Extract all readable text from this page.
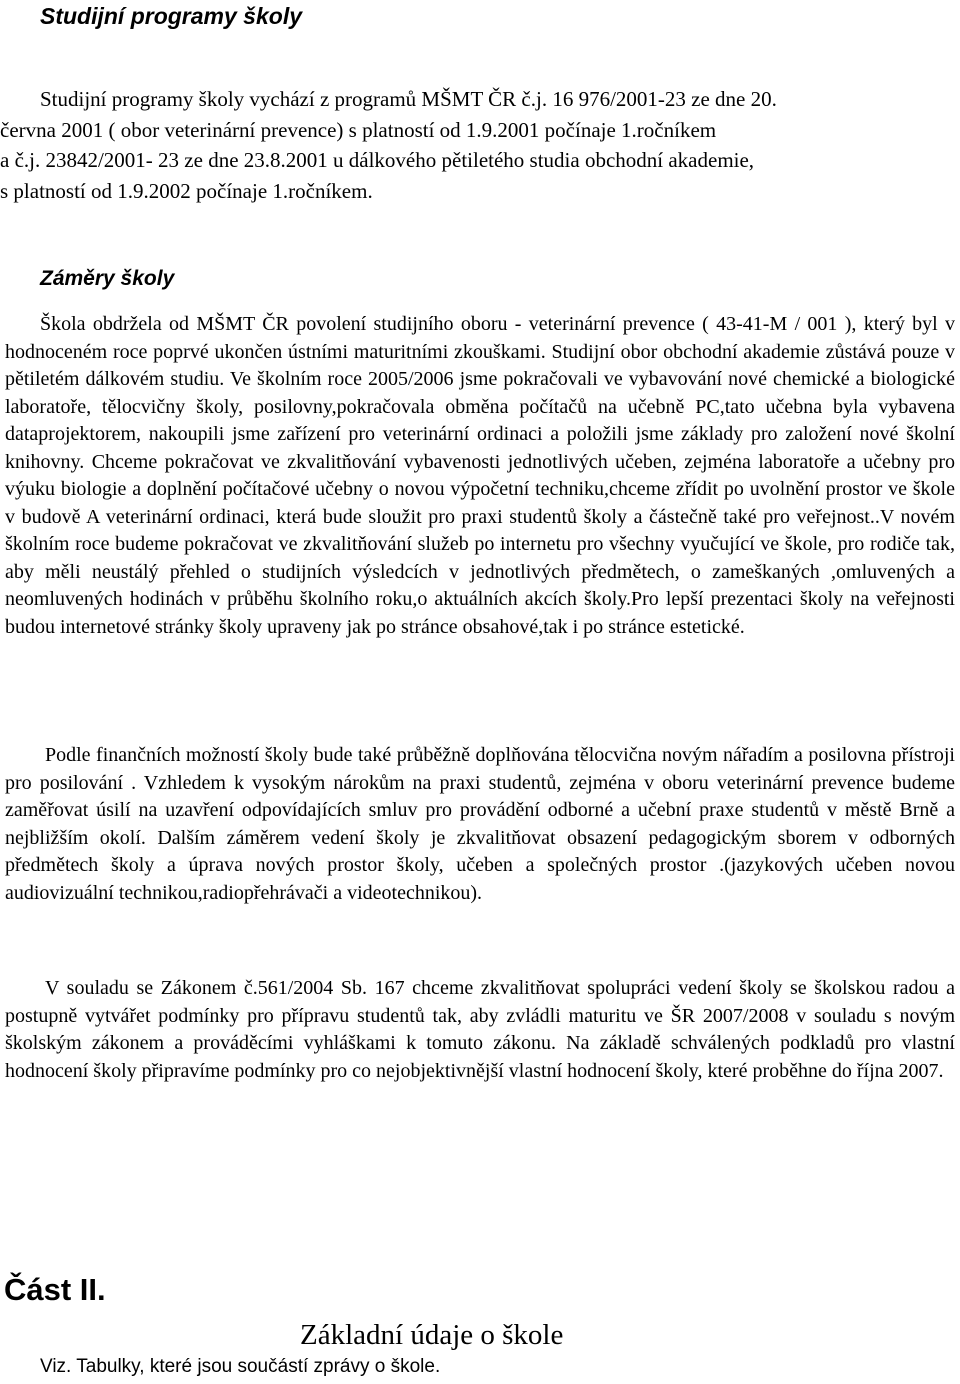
Studijní programy školy
Studijní programy školy vychází z programů MŠMT ČR č.j. 16 976/2001-23 ze dne 20.
června 2001 ( obor veterinární prevence) s platností od 1.9.2001 počínaje 1.ročníkem
a č.j. 23842/2001- 23 ze dne 23.8.2001 u dálkového pětiletého studia obchodní akademie,
s platností od 1.9.2002 počínaje 1.ročníkem.
Záměry školy

Škola obdržela od MŠMT ČR povolení studijního oboru - veterinární prevence ( 43-41-M / 001 ), který byl v hodnoceném roce poprvé ukončen ústními maturitními zkouškami. Studijní obor obchodní akademie zůstává pouze v pětiletém dálkovém studiu. Ve školním roce 2005/2006 jsme pokračovali ve vybavování nové chemické a biologické laboratoře, tělocvičny školy, posilovny,pokračovala obměna počítačů na učebně PC,tato učebna byla vybavena dataprojektorem, nakoupili jsme zařízení pro veterinární ordinaci a položili jsme základy pro založení nové školní knihovny. Chceme pokračovat ve zkvalitňování vybavenosti jednotlivých učeben, zejména laboratoře a učebny pro výuku biologie a doplnění počítačové učebny o novou výpočetní techniku,chceme zřídit po uvolnění prostor ve škole v budově A veterinární ordinaci, která bude sloužit pro praxi studentů školy a částečně také pro veřejnost..V novém školním roce budeme pokračovat ve zkvalitňování služeb po internetu pro všechny vyučující ve škole, pro rodiče tak, aby měli neustálý přehled o studijních výsledcích v jednotlivých předmětech, o zameškaných ,omluvených a neomluvených hodinách v průběhu školního roku,o aktuálních akcích školy.Pro lepší prezentaci školy na veřejnosti budou internetové stránky školy upraveny jak po stránce obsahové,tak i po stránce estetické.

Podle finančních možností školy bude také průběžně doplňována tělocvična novým nářadím a posilovna přístroji pro posilování . Vzhledem k vysokým nárokům na praxi studentů, zejména v oboru veterinární prevence budeme zaměřovat úsilí na uzavření odpovídajících smluv pro provádění odborné a učební praxe studentů v městě Brně a nejbližším okolí. Dalším záměrem vedení školy je zkvalitňovat obsazení pedagogickým sborem v odborných předmětech školy a úprava nových prostor školy, učeben a společných prostor .(jazykových učeben novou audiovizuální technikou,radiopřehrávači a videotechnikou).

V souladu se Zákonem č.561/2004 Sb. 167 chceme zkvalitňovat spolupráci vedení školy se školskou radou a postupně vytvářet podmínky pro přípravu studentů tak, aby zvládli maturitu ve ŠR 2007/2008 v souladu s novým školským zákonem a prováděcími vyhláškami k tomuto zákonu. Na základě schválených podkladů pro vlastní hodnocení školy připravíme podmínky pro co nejobjektivnější vlastní hodnocení školy, které proběhne do října 2007.

Část II.
Základní údaje o škole

Viz. Tabulky, které jsou součástí zprávy o škole.
